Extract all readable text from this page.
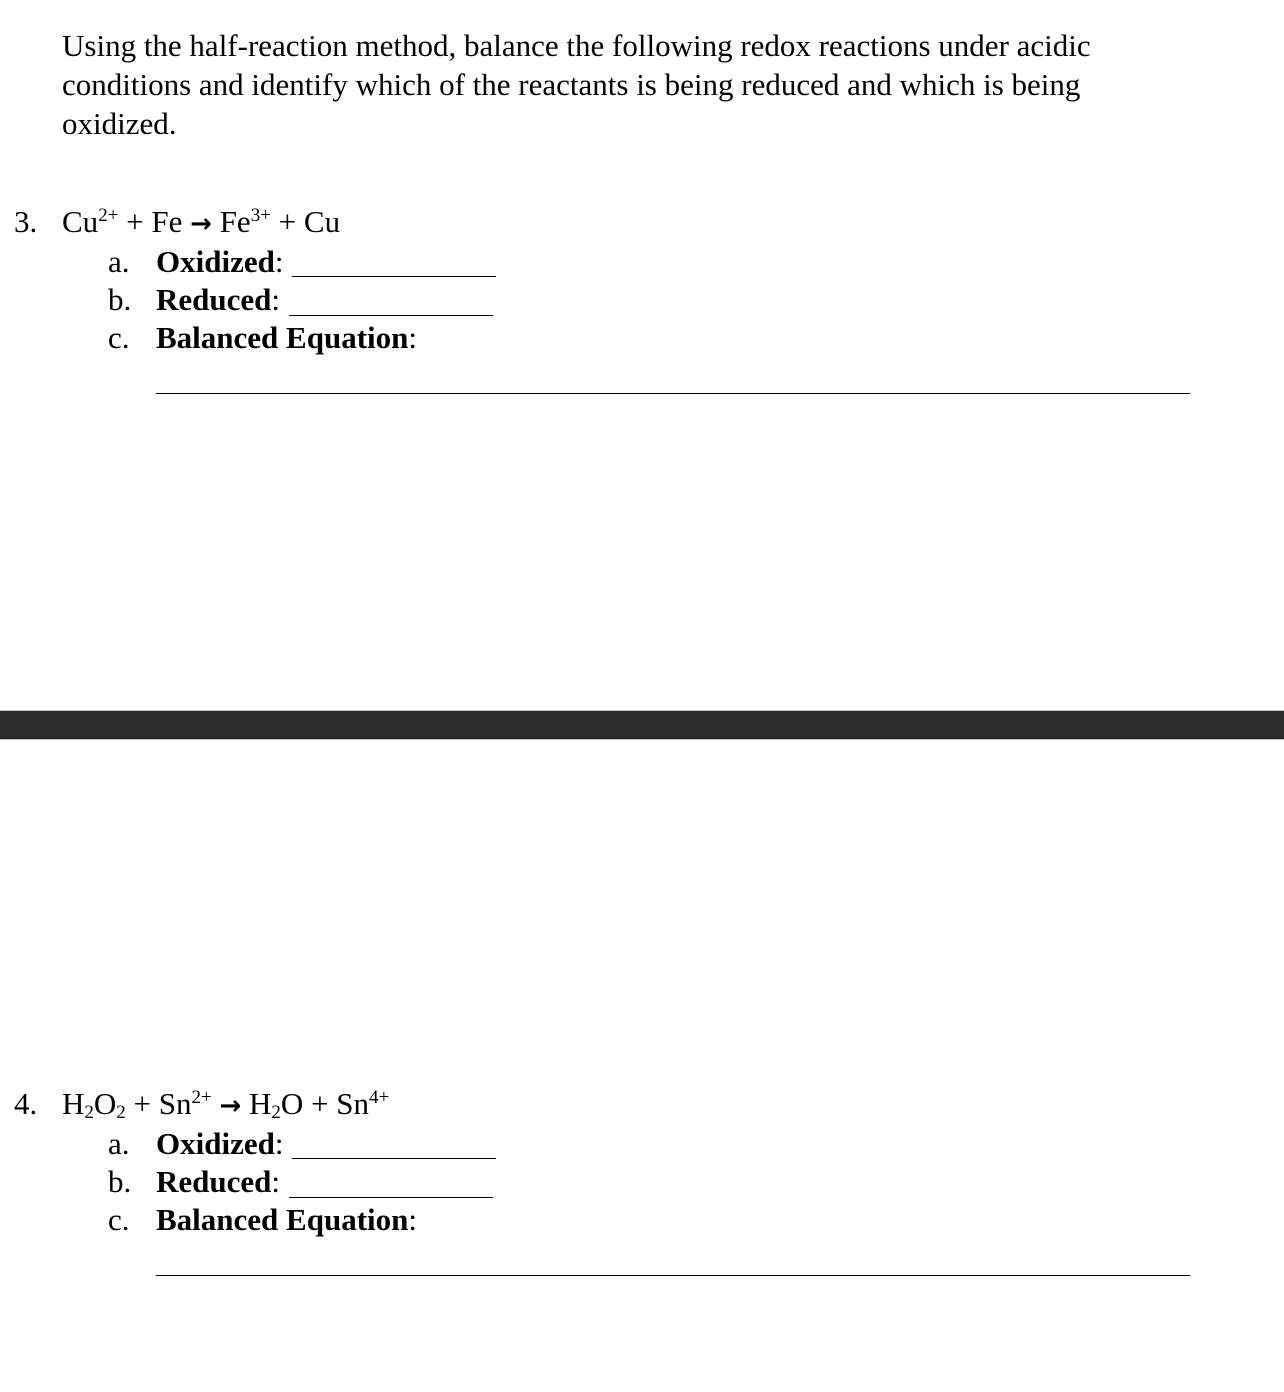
Using the half-reaction method, balance the following redox reactions under acidic conditions and identify which of the reactants is being reduced and which is being oxidized.

3. $Cu^{2+} + Fe \to Fe^{3+} + Cu$
a. Oxidized:
b. Reduced:
c. Balanced Equation:
4. $H_2O_2 + Sn^{2+} \to H_2O + Sn^{4+}$
a. Oxidized:
b. Reduced:
c. Balanced Equation:
